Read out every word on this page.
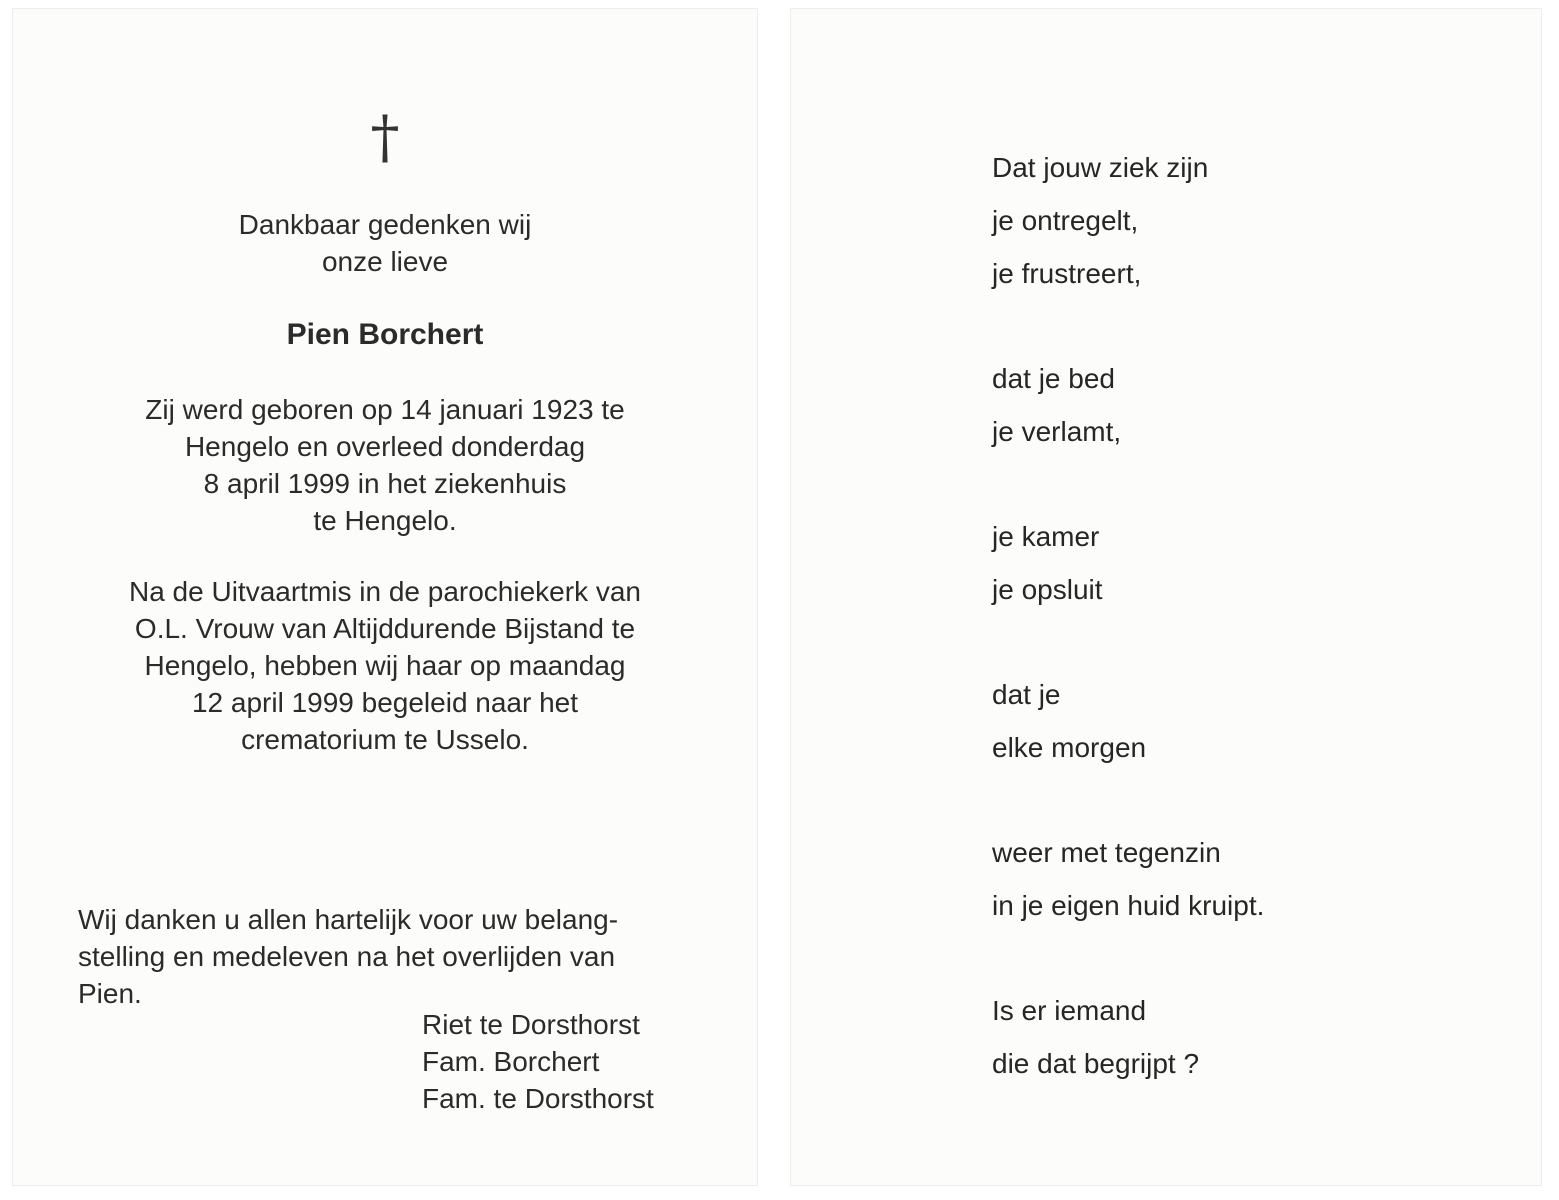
†
Dankbaar gedenken wij
onze lieve
Pien Borchert
Zij werd geboren op 14 januari 1923 te
Hengelo en overleed donderdag
8 april 1999 in het ziekenhuis
te Hengelo.
Na de Uitvaartmis in de parochiekerk van
O.L. Vrouw van Altijddurende Bijstand te
Hengelo, hebben wij haar op maandag
12 april 1999 begeleid naar het
crematorium te Usselo.
Wij danken u allen hartelijk voor uw belang-
stelling en medeleven na het overlijden van
Pien.
Riet te Dorsthorst
Fam. Borchert
Fam. te Dorsthorst
Dat jouw ziek zijn
je ontregelt,
je frustreert,
dat je bed
je verlamt,
je kamer
je opsluit
dat je
elke morgen
weer met tegenzin
in je eigen huid kruipt.
Is er iemand
die dat begrijpt ?
